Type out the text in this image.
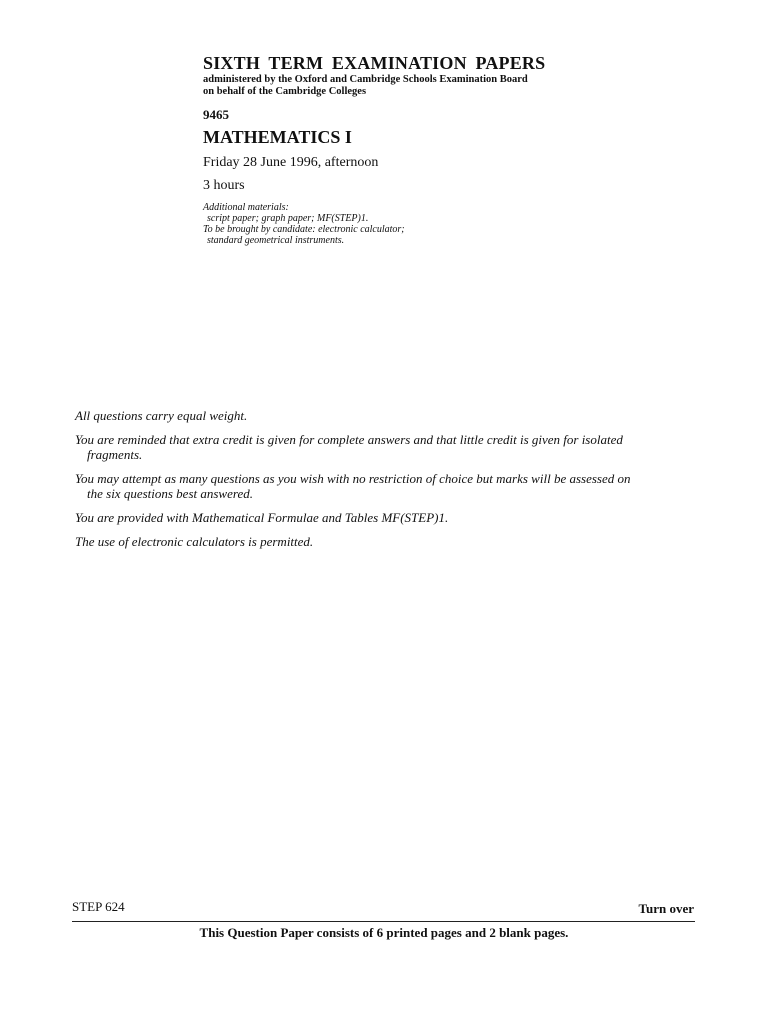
SIXTH TERM EXAMINATION PAPERS

administered by the Oxford and Cambridge Schools Examination Board

on behalf of the Cambridge Colleges

9465

MATHEMATICS I

Friday 28 June 1996, afternoon

3 hours

Additional materials:
script paper; graph paper; MF(STEP)1.
To be brought by candidate: electronic calculator;
standard geometrical instruments.

All questions carry equal weight.

You are reminded that extra credit is given for complete answers and that little credit is given for isolated
fragments.

You may attempt as many questions as you wish with no restriction of choice but marks will be assessed on
the six questions best answered.

You are provided with Mathematical Formulae and Tables MF(STEP)1.

The use of electronic calculators is permitted.

STEP 624	Turn over

This Question Paper consists of 6 printed pages and 2 blank pages.
